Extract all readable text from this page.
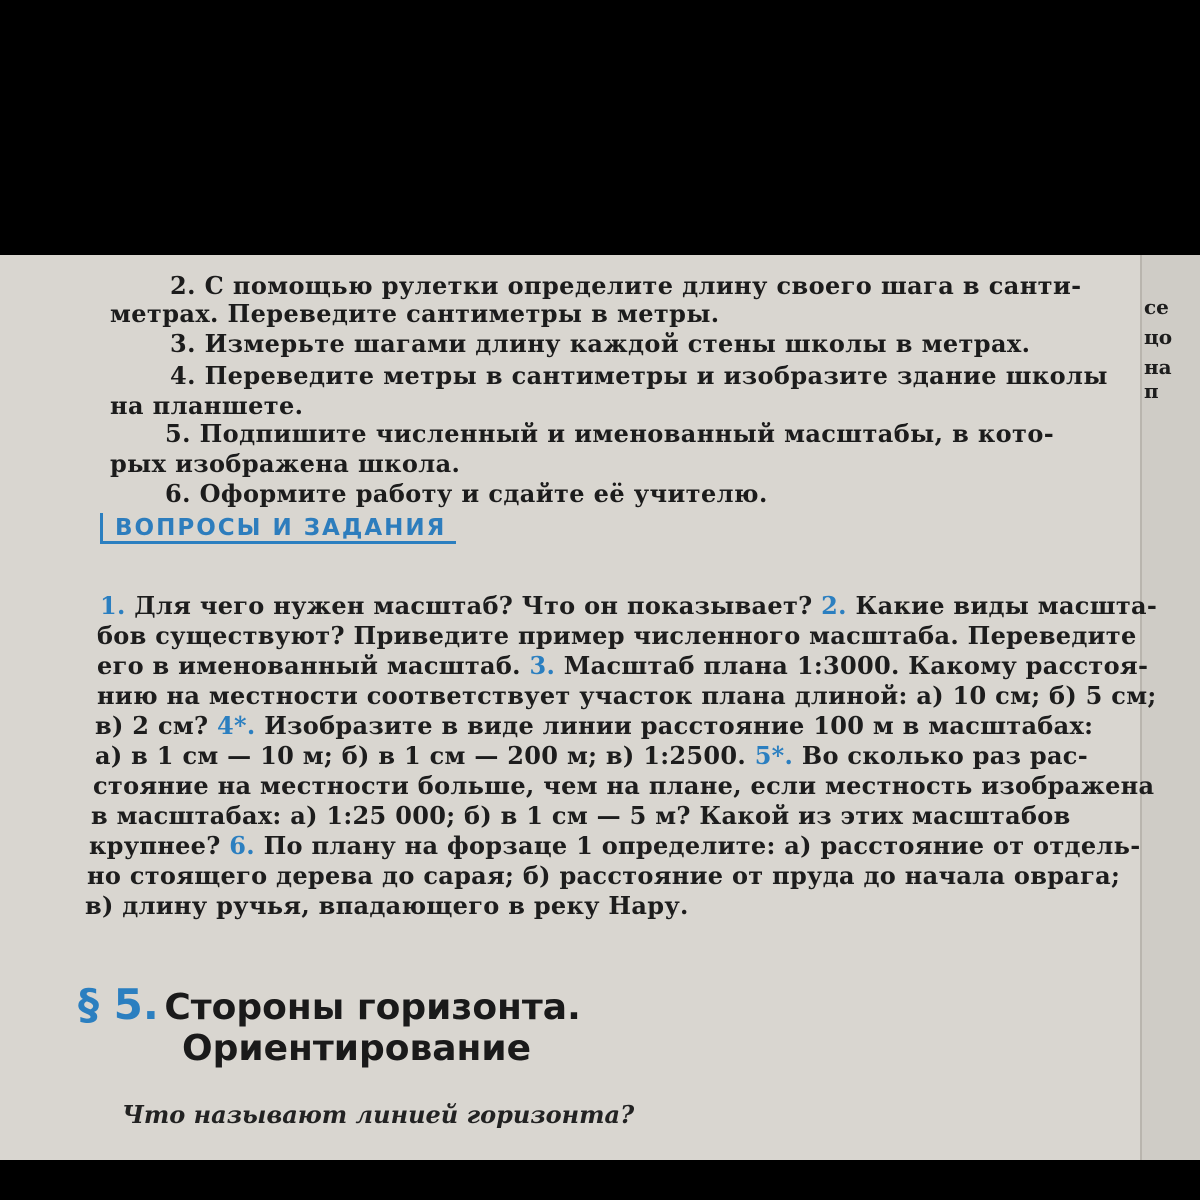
се
цо
на
п
2. С помощью рулетки определите длину своего шага в санти-
метрах. Переведите сантиметры в метры.
3. Измерьте шагами длину каждой стены школы в метрах.
4. Переведите метры в сантиметры и изобразите здание школы
на планшете.
5. Подпишите численный и именованный масштабы, в кото-
рых изображена школа.
6. Оформите работу и сдайте её учителю.
ВОПРОСЫ И ЗАДАНИЯ
1. Для чего нужен масштаб? Что он показывает? 2. Какие виды масшта-
бов существуют? Приведите пример численного масштаба. Переведите
его в именованный масштаб. 3. Масштаб плана 1:3000. Какому расстоя-
нию на местности соответствует участок плана длиной: а) 10 см; б) 5 см;
в) 2 см? 4*. Изобразите в виде линии расстояние 100 м в масштабах:
а) в 1 см — 10 м; б) в 1 см — 200 м; в) 1:2500. 5*. Во сколько раз рас-
стояние на местности больше, чем на плане, если местность изображена
в масштабах: а) 1:25 000; б) в 1 см — 5 м? Какой из этих масштабов
крупнее? 6. По плану на форзаце 1 определите: а) расстояние от отдель-
но стоящего дерева до сарая; б) расстояние от пруда до начала оврага;
в) длину ручья, впадающего в реку Нару.
§ 5. Стороны горизонта.
Ориентирование
Что называют линией горизонта?
